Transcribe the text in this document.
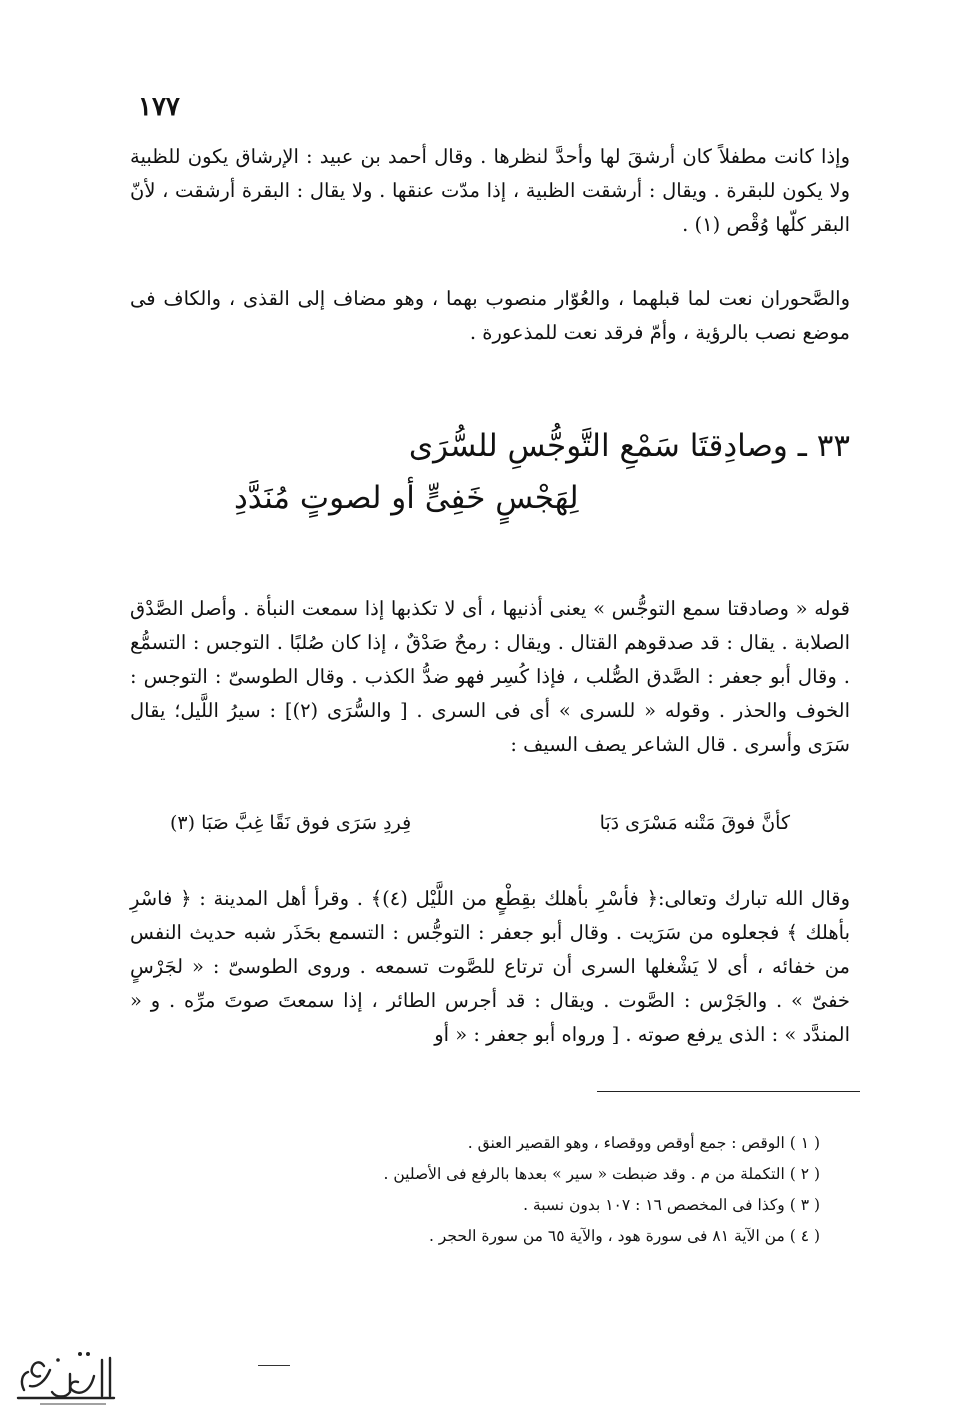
١٧٧

وإذا كانت مطفلاً كان أرشقَ لها وأحدَّ لنظرها . وقال أحمد بن عبيد : الإرشاق يكون للظبية ولا يكون للبقرة . ويقال : أرشقت الظبية ، إذا مدّت عنقها . ولا يقال : البقرة أرشقت ، لأنّ البقر كلّها وُقْص (١) .

والصَّحوران نعت لما قبلهما ، والعُوّار منصوب بهما ، وهو مضاف إلى القذى ، والكاف فى موضع نصب بالرؤية ، وأمّ فرقد نعت للمذعورة .

٣٣ ـ وصادِقتَا سَمْعِ التَّوجُّسِ للسُّرَى
لِهَجْسٍ خَفِىٍّ أو لصوتٍ مُنَدَّدِ

قوله « وصادقتا سمع التوجُّس » يعنى أذنيها ، أى لا تكذبها إذا سمعت النبأة . وأصل الصَّدْق الصلابة . يقال : قد صدقوهم القتال . ويقال : رمحٌ صَدْقٌ ، إذا كان صُلبًا . التوجس : التسمُّع . وقال أبو جعفر : الصَّدق الصُّلب ، فإذا كُسِر فهو ضدُّ الكذب . وقال الطوسىّ : التوجس : الخوف والحذر . وقوله « للسرى » أى فى السرى . [ والسُّرَى (٢)] : سيرُ اللَّيل؛ يقال سَرَى وأسرى . قال الشاعر يصف السيف :

كأنَّ فوقَ مَتْنه مَسْرَى دَبَا
فِردِ سَرَى فوق نَقًا غِبَّ صَبَا (٣)

وقال الله تبارك وتعالى:﴿ فأسْرِ بأهلك بقِطْعٍ من اللَّيْل (٤)﴾ . وقرأ أهل المدينة : ﴿ فاسْرِ بأهلك ﴾ فجعلوه من سَرَيت . وقال أبو جعفر : التوجُّس : التسمع بحَذَر شبه حديث النفس من خفائه ، أى لا يَشْغلها السرى أن ترتاع للصَّوت تسمعه . وروى الطوسىّ : « لجَرْسٍ خفىّ » . والجَرْس : الصَّوت . ويقال : قد أجرس الطائر ، إذا سمعتَ صوتَ مرِّه . و « المندَّد » : الذى يرفع صوته . [ ورواه أبو جعفر : « أو

( ١ ) الوقص : جمع أوقص ووقصاء ، وهو القصير العنق .
( ٢ ) التكملة من م . وقد ضبطت « سير » بعدها بالرفع فى الأصلين .
( ٣ ) وكذا فى المخصص ١٦ : ١٠٧ بدون نسبة .
( ٤ ) من الآية ٨١ فى سورة هود ، والآية ٦٥ من سورة الحجر .
